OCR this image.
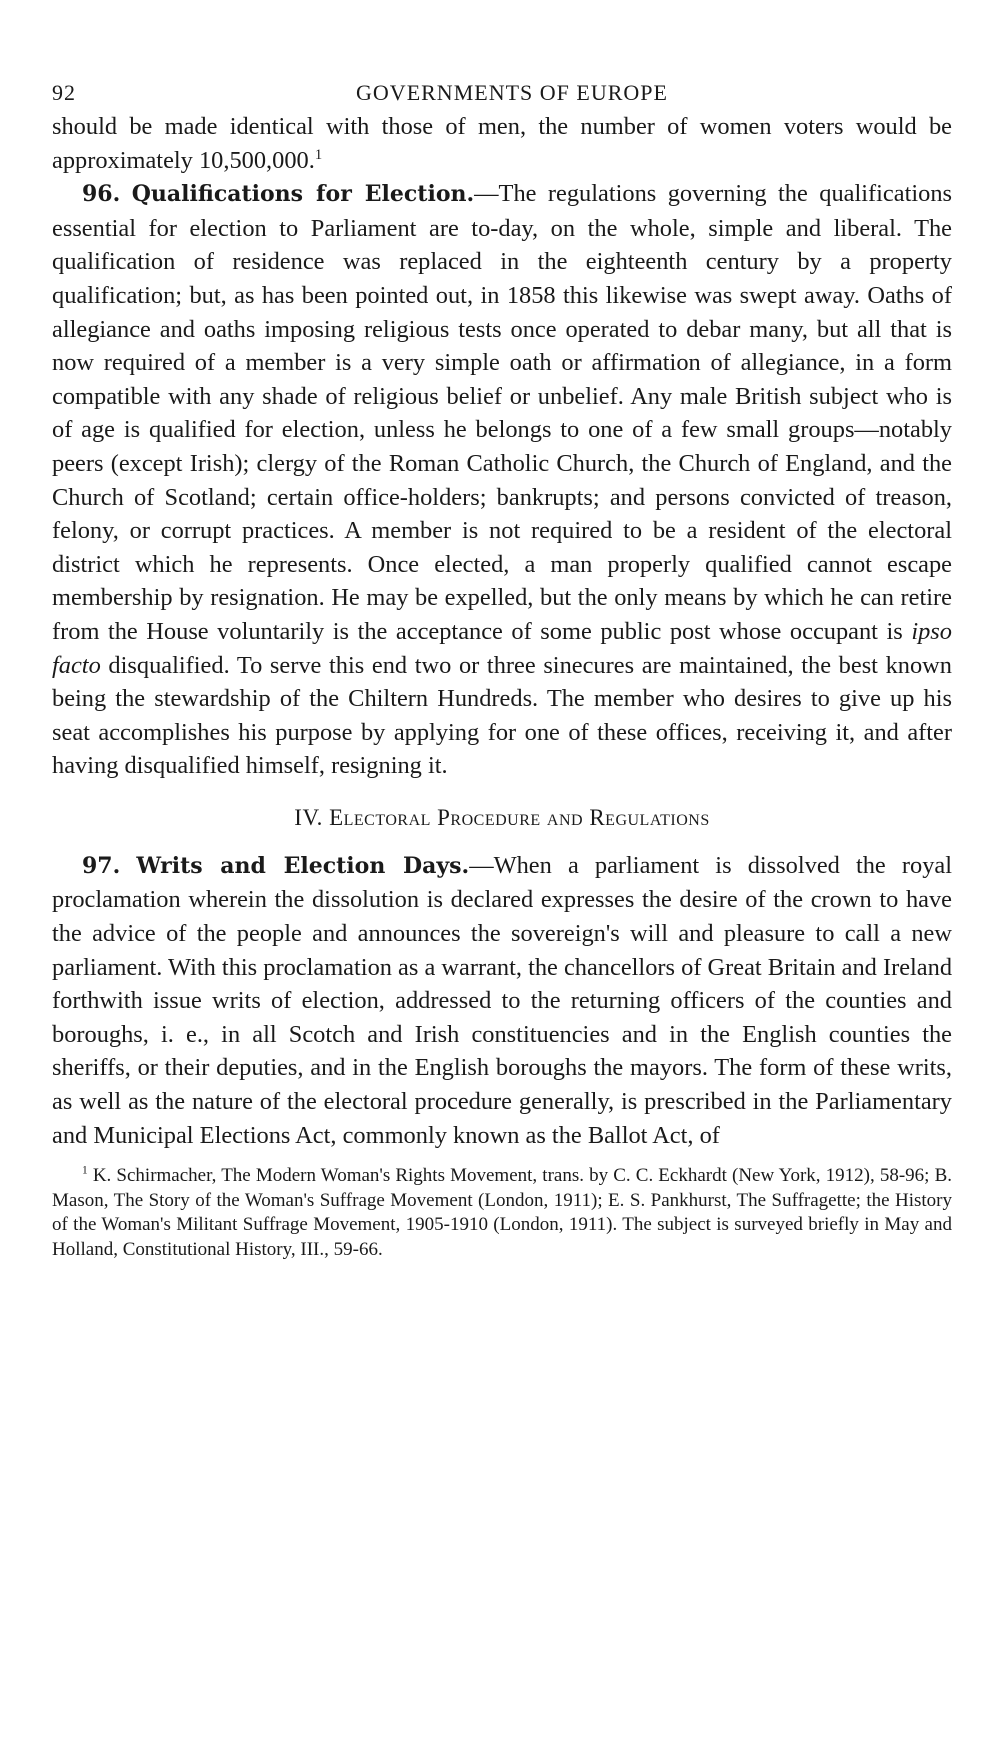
92	GOVERNMENTS OF EUROPE

should be made identical with those of men, the number of women voters would be approximately 10,500,000.$^1$

96. Qualifications for Election.—The regulations governing the qualifications essential for election to Parliament are to-day, on the whole, simple and liberal. The qualification of residence was replaced in the eighteenth century by a property qualification; but, as has been pointed out, in 1858 this likewise was swept away. Oaths of allegiance and oaths imposing religious tests once operated to debar many, but all that is now required of a member is a very simple oath or affirmation of allegiance, in a form compatible with any shade of religious belief or unbelief. Any male British subject who is of age is qualified for election, unless he belongs to one of a few small groups—notably peers (except Irish); clergy of the Roman Catholic Church, the Church of England, and the Church of Scotland; certain office-holders; bankrupts; and persons convicted of treason, felony, or corrupt practices. A member is not required to be a resident of the electoral district which he represents. Once elected, a man properly qualified cannot escape membership by resignation. He may be expelled, but the only means by which he can retire from the House voluntarily is the acceptance of some public post whose occupant is ipso facto disqualified. To serve this end two or three sinecures are maintained, the best known being the stewardship of the Chiltern Hundreds. The member who desires to give up his seat accomplishes his purpose by applying for one of these offices, receiving it, and after having disqualified himself, resigning it.

IV. Electoral Procedure and Regulations

97. Writs and Election Days.—When a parliament is dissolved the royal proclamation wherein the dissolution is declared expresses the desire of the crown to have the advice of the people and announces the sovereign's will and pleasure to call a new parliament. With this proclamation as a warrant, the chancellors of Great Britain and Ireland forthwith issue writs of election, addressed to the returning officers of the counties and boroughs, i. e., in all Scotch and Irish constituencies and in the English counties the sheriffs, or their deputies, and in the English boroughs the mayors. The form of these writs, as well as the nature of the electoral procedure generally, is prescribed in the Parliamentary and Municipal Elections Act, commonly known as the Ballot Act, of

$^1$ K. Schirmacher, The Modern Woman's Rights Movement, trans. by C. C. Eckhardt (New York, 1912), 58-96; B. Mason, The Story of the Woman's Suffrage Movement (London, 1911); E. S. Pankhurst, The Suffragette; the History of the Woman's Militant Suffrage Movement, 1905-1910 (London, 1911). The subject is surveyed briefly in May and Holland, Constitutional History, III., 59-66.
